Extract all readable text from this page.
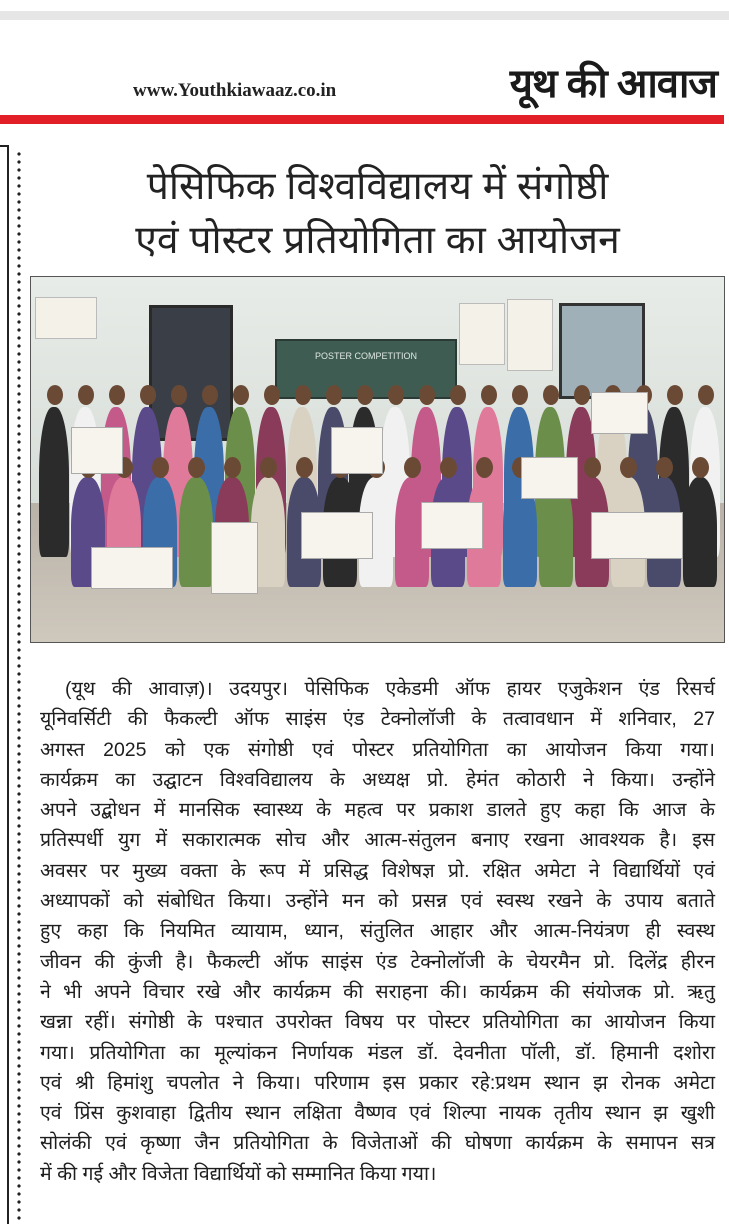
www.Youthkiawaaz.co.in	यूथ की आवाज
पेसिफिक विश्वविद्यालय में संगोष्ठी
एवं पोस्टर प्रतियोगिता का आयोजन
POSTER COMPETITION
(यूथ की आवाज़)। उदयपुर। पेसिफिक एकेडमी ऑफ हायर एजुकेशन एंड रिसर्च
यूनिवर्सिटी की फैकल्टी ऑफ साइंस एंड टेक्नोलॉजी के तत्वावधान में शनिवार, 27
अगस्त 2025 को एक संगोष्ठी एवं पोस्टर प्रतियोगिता का आयोजन किया गया।
कार्यक्रम का उद्घाटन विश्वविद्यालय के अध्यक्ष प्रो. हेमंत कोठारी ने किया। उन्होंने
अपने उद्बोधन में मानसिक स्वास्थ्य के महत्व पर प्रकाश डालते हुए कहा कि आज के
प्रतिस्पर्धी युग में सकारात्मक सोच और आत्म-संतुलन बनाए रखना आवश्यक है। इस
अवसर पर मुख्य वक्ता के रूप में प्रसिद्ध विशेषज्ञ प्रो. रक्षित अमेटा ने विद्यार्थियों एवं
अध्यापकों को संबोधित किया। उन्होंने मन को प्रसन्न एवं स्वस्थ रखने के उपाय बताते
हुए कहा कि नियमित व्यायाम, ध्यान, संतुलित आहार और आत्म-नियंत्रण ही स्वस्थ
जीवन की कुंजी है। फैकल्टी ऑफ साइंस एंड टेक्नोलॉजी के चेयरमैन प्रो. दिलेंद्र हीरन
ने भी अपने विचार रखे और कार्यक्रम की सराहना की। कार्यक्रम की संयोजक प्रो. ऋतु
खन्ना रहीं। संगोष्ठी के पश्चात उपरोक्त विषय पर पोस्टर प्रतियोगिता का आयोजन किया
गया। प्रतियोगिता का मूल्यांकन निर्णायक मंडल डॉ. देवनीता पॉली, डॉ. हिमानी दशोरा
एवं श्री हिमांशु चपलोत ने किया। परिणाम इस प्रकार रहे:प्रथम स्थान झ रोनक अमेटा
एवं प्रिंस कुशवाहा द्वितीय स्थान लक्षिता वैष्णव एवं शिल्पा नायक तृतीय स्थान झ खुशी
सोलंकी एवं कृष्णा जैन प्रतियोगिता के विजेताओं की घोषणा कार्यक्रम के समापन सत्र
में की गई और विजेता विद्यार्थियों को सम्मानित किया गया।
